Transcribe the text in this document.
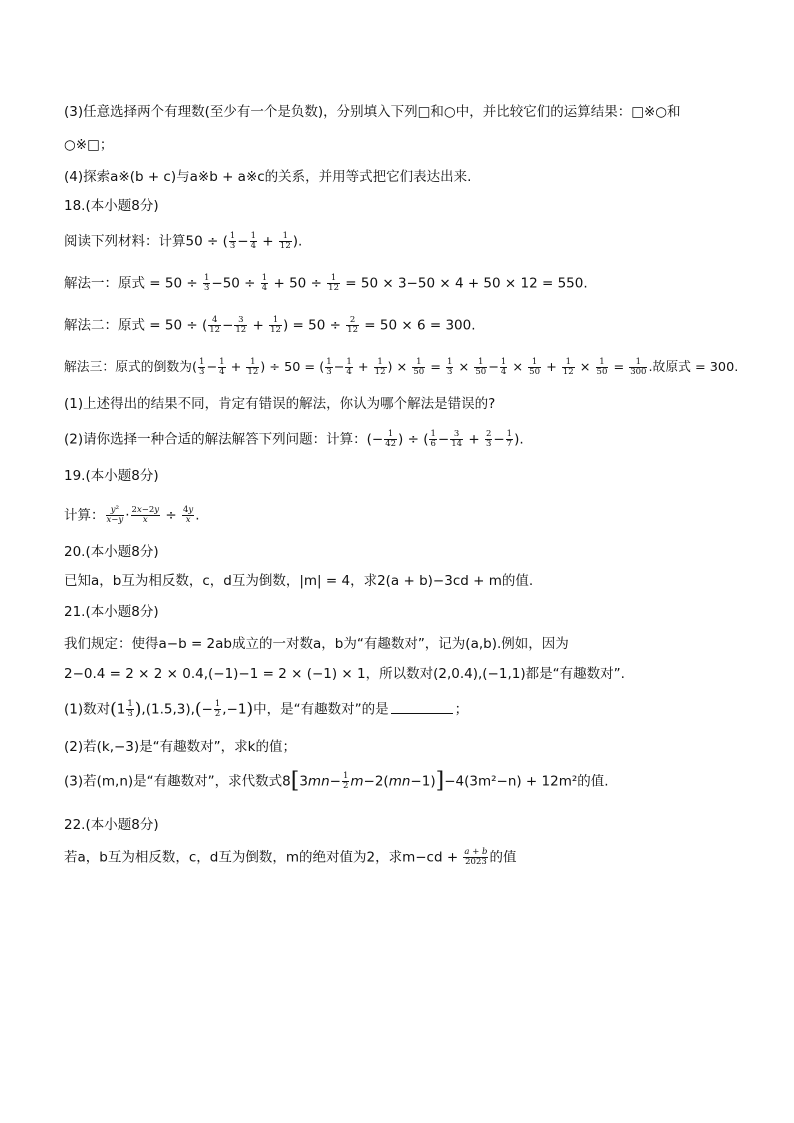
(3)任意选择两个有理数(至少有一个是负数)，分别填入下列□和○中，并比较它们的运算结果：□※○和
○※□；
(4)探索a※(b + c)与a※b + a※c的关系，并用等式把它们表达出来.
18.(本小题8分)
阅读下列材料：计算50 ÷ ( $\frac{1}{3} - \frac{1}{4} + \frac{1}{12}$ ).
解法一：原式 = $50 \div \frac{1}{3} -50 \div \frac{1}{4} + 50 \div \frac{1}{12} = 50 \times 3-50 \times 4 + 50 \times 12 = 550$.
解法二：原式 = 50 ÷ ( $\frac{4}{12} - \frac{3}{12} + \frac{1}{12}$ ) = $50 \div \frac{2}{12} = 50 \times 6 = 300$.
解法三：原式的倒数为( $\frac{1}{3} - \frac{1}{4} + \frac{1}{12}$ ) ÷ 50 = ( $\frac{1}{3} - \frac{1}{4} + \frac{1}{12}$ ) × $\frac{1}{50} = \frac{1}{3} \times \frac{1}{50} - \frac{1}{4} \times \frac{1}{50} + \frac{1}{12} \times \frac{1}{50} = \frac{1}{300}$ .故原式 = 300.
(1)上述得出的结果不同，肯定有错误的解法，你认为哪个解法是错误的?
(2)请你选择一种合适的解法解答下列问题：计算：(− $\frac{1}{42}$ ) ÷ ( $\frac{1}{6} - \frac{3}{14} + \frac{2}{3} - \frac{1}{7}$ ).
19.(本小题8分)
计算： $\frac{\text{y²}}{x-y} \cdot \frac{2x-2y}{x} \div \frac{4y}{x}$ .
20.(本小题8分)
已知a，b互为相反数，c，d互为倒数，|m| = 4，求2(a + b)−3cd + m的值.
21.(本小题8分)
我们规定：使得a−b = 2ab成立的一对数a，b为“有趣数对”，记为(a,b).例如，因为
2−0.4 = 2 × 2 × 0.4,(−1)−1 = 2 × (−1) × 1，所以数对(2,0.4),(−1,1)都是“有趣数对”.
(1)数对$(1 \frac{1}{3} ),(1.5,3),(- \frac{1}{2} ,-1)$中，是“有趣数对”的是	；
(2)若(k,−3)是“有趣数对”，求k的值；
(3)若(m,n)是“有趣数对”，求代数式$8[3mn- \frac{1}{2} m-2(mn-1)]-4(3m^2-n) + 12m^2$的值.
22.(本小题8分)
若a，b互为相反数，c，d互为倒数，m的绝对值为2，求$m-cd + \frac{a + b}{2023}$ 的值
